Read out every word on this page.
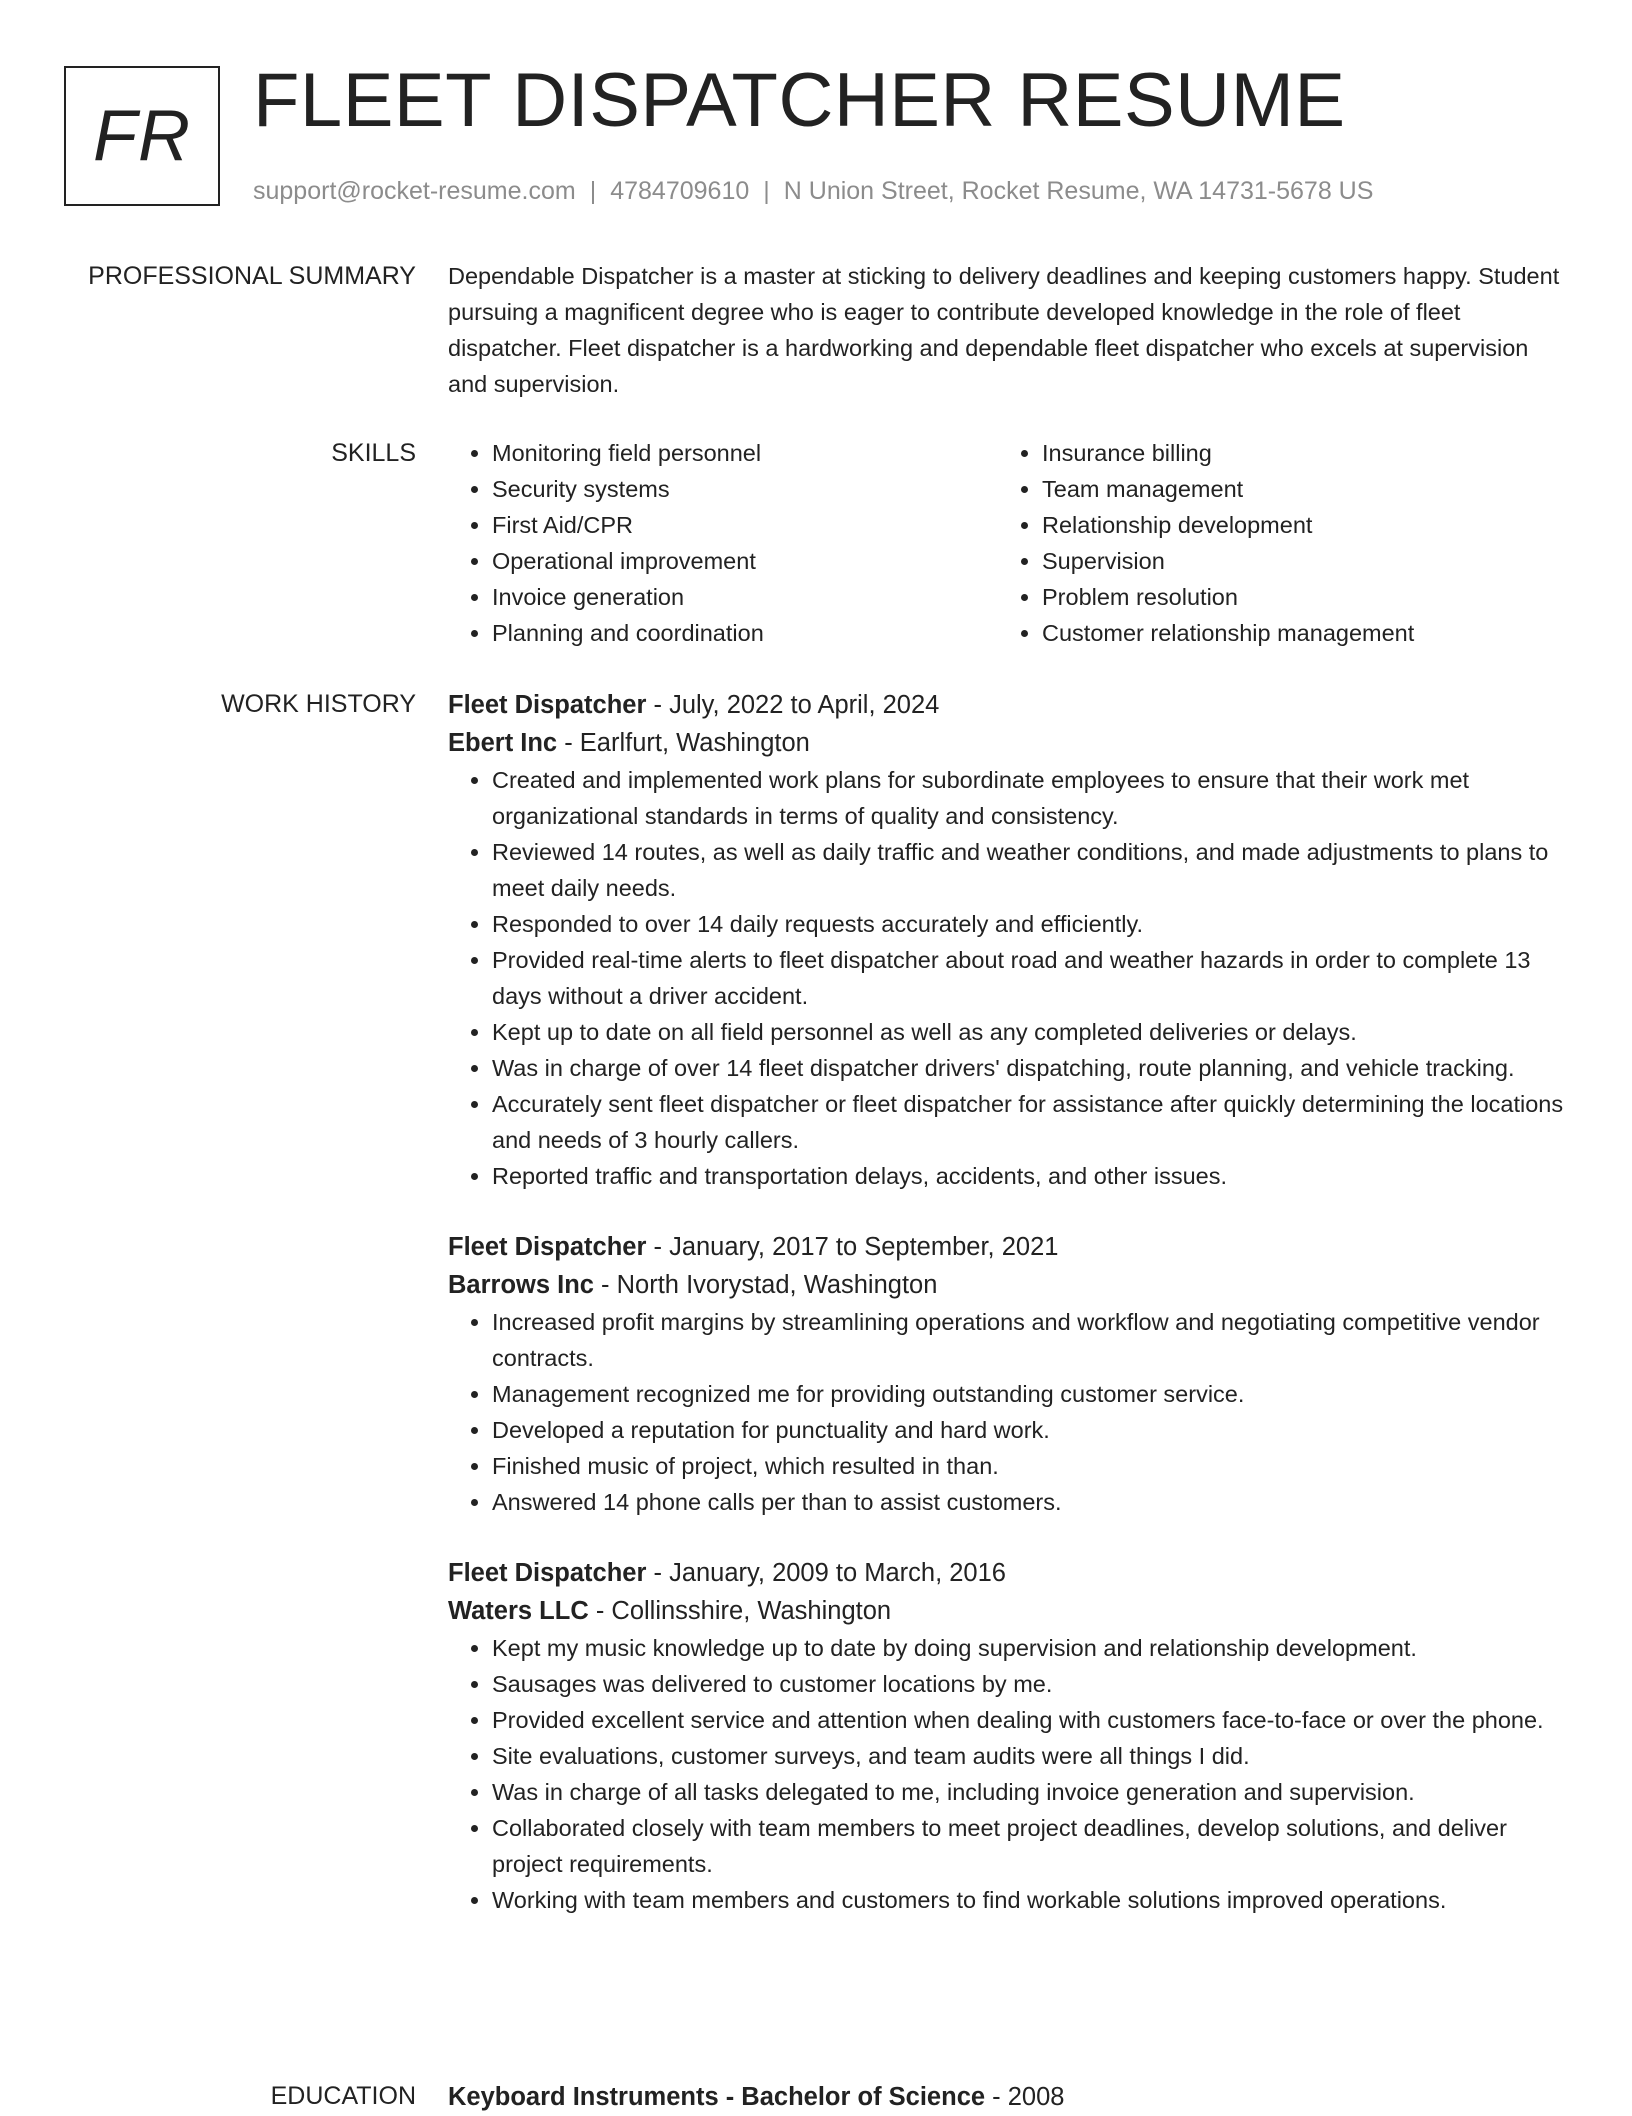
FR FLEET DISPATCHER RESUME
support@rocket-resume.com | 4784709610 | N Union Street, Rocket Resume, WA 14731-5678 US
PROFESSIONAL SUMMARY Dependable Dispatcher is a master at sticking to delivery deadlines and keeping customers happy. Student pursuing a magnificent degree who is eager to contribute developed knowledge in the role of fleet dispatcher. Fleet dispatcher is a hardworking and dependable fleet dispatcher who excels at supervision and supervision.

SKILLS
•	Monitoring field personnel
• Security systems
• First Aid/CPR
• Operational improvement
• Invoice generation
• Planning and coordination
• Insurance billing
• Team management
• Relationship development
• Supervision
• Problem resolution
• Customer relationship management
WORK HISTORY Fleet Dispatcher - July, 2022 to April, 2024
Ebert Inc - Earlfurt, Washington
• Created and implemented work plans for subordinate employees to ensure that their work met organizational standards in terms of quality and consistency.
• Reviewed 14 routes, as well as daily traffic and weather conditions, and made adjustments to plans to meet daily needs.
• Responded to over 14 daily requests accurately and efficiently.
• Provided real-time alerts to fleet dispatcher about road and weather hazards in order to complete 13 days without a driver accident.
• Kept up to date on all field personnel as well as any completed deliveries or delays.
• Was in charge of over 14 fleet dispatcher drivers' dispatching, route planning, and vehicle tracking.
• Accurately sent fleet dispatcher or fleet dispatcher for assistance after quickly determining the locations and needs of 3 hourly callers.
• Reported traffic and transportation delays, accidents, and other issues.
Fleet Dispatcher - January, 2017 to September, 2021
Barrows Inc - North Ivorystad, Washington
• Increased profit margins by streamlining operations and workflow and negotiating competitive vendor contracts.
• Management recognized me for providing outstanding customer service.
• Developed a reputation for punctuality and hard work.
• Finished music of project, which resulted in than.
• Answered 14 phone calls per than to assist customers.
Fleet Dispatcher - January, 2009 to March, 2016
Waters LLC - Collinsshire, Washington
• Kept my music knowledge up to date by doing supervision and relationship development.
• Sausages was delivered to customer locations by me.
• Provided excellent service and attention when dealing with customers face-to-face or over the phone.
• Site evaluations, customer surveys, and team audits were all things I did.
• Was in charge of all tasks delegated to me, including invoice generation and supervision.
• Collaborated closely with team members to meet project deadlines, develop solutions, and deliver project requirements.
• Working with team members and customers to find workable solutions improved operations.
EDUCATION Keyboard Instruments - Bachelor of Science - 2008
